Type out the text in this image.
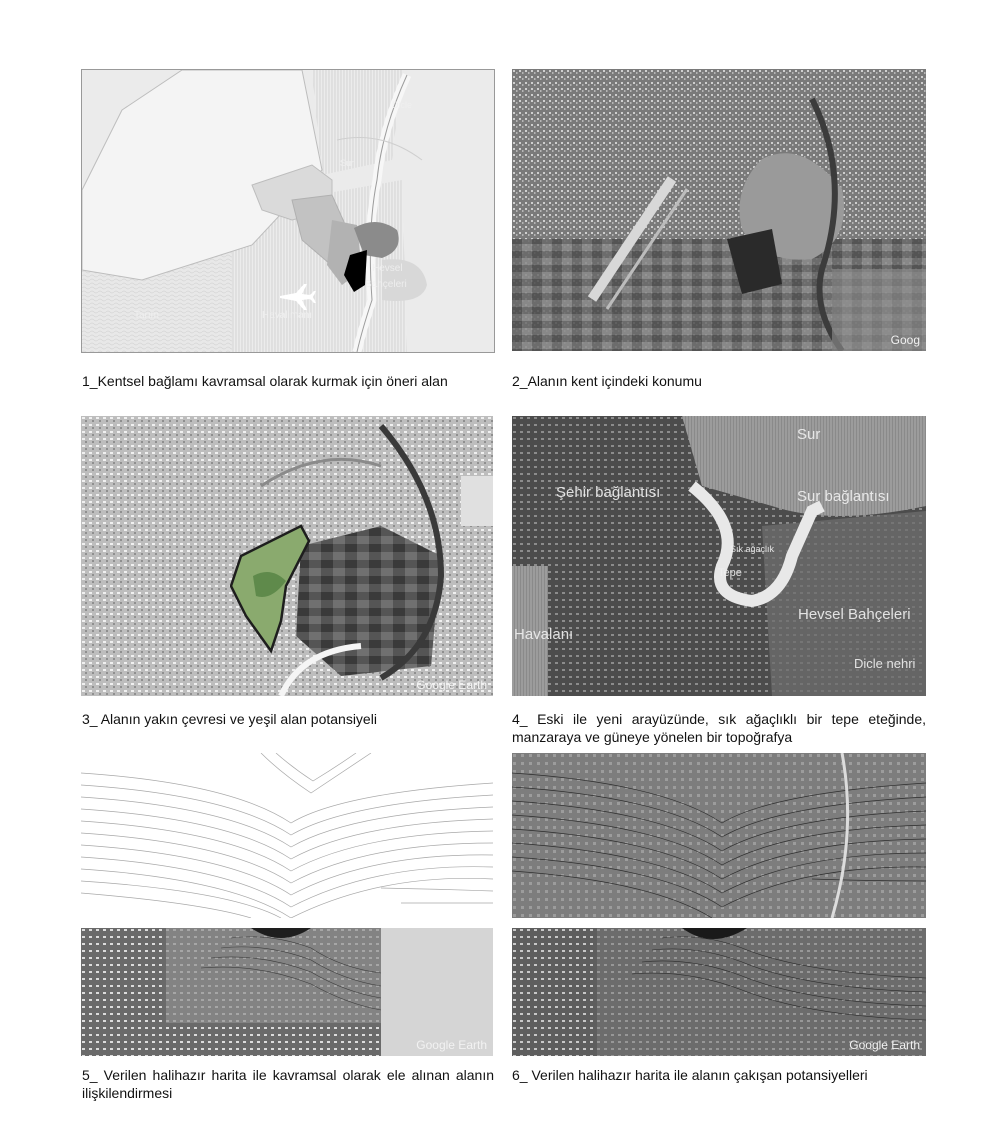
Hevsel
Bahçeleri
Tarım	Havalimanı
Sur
Dicle
1_Kentsel bağlamı kavramsal olarak kurmak için öneri alan
Goog
2_Alanın kent içindeki konumu
Google Earth
3_ Alanın yakın çevresi ve yeşil alan potansiyeli
Sur
Şehir bağlantısı	Sur bağlantısı
Sık ağaçlık
Tepe
Hevsel Bahçeleri
Havalanı
Dicle nehri
4_ Eski ile yeni arayüzünde, sık ağaçlıklı bir tepe eteğinde, manzaraya ve güneye yönelen bir topoğrafya
Google Earth
5_ Verilen halihazır harita ile kavramsal olarak ele alınan alanın ilişkilendirmesi
Google Earth
6_ Verilen halihazır harita ile alanın çakışan potansiyelleri
